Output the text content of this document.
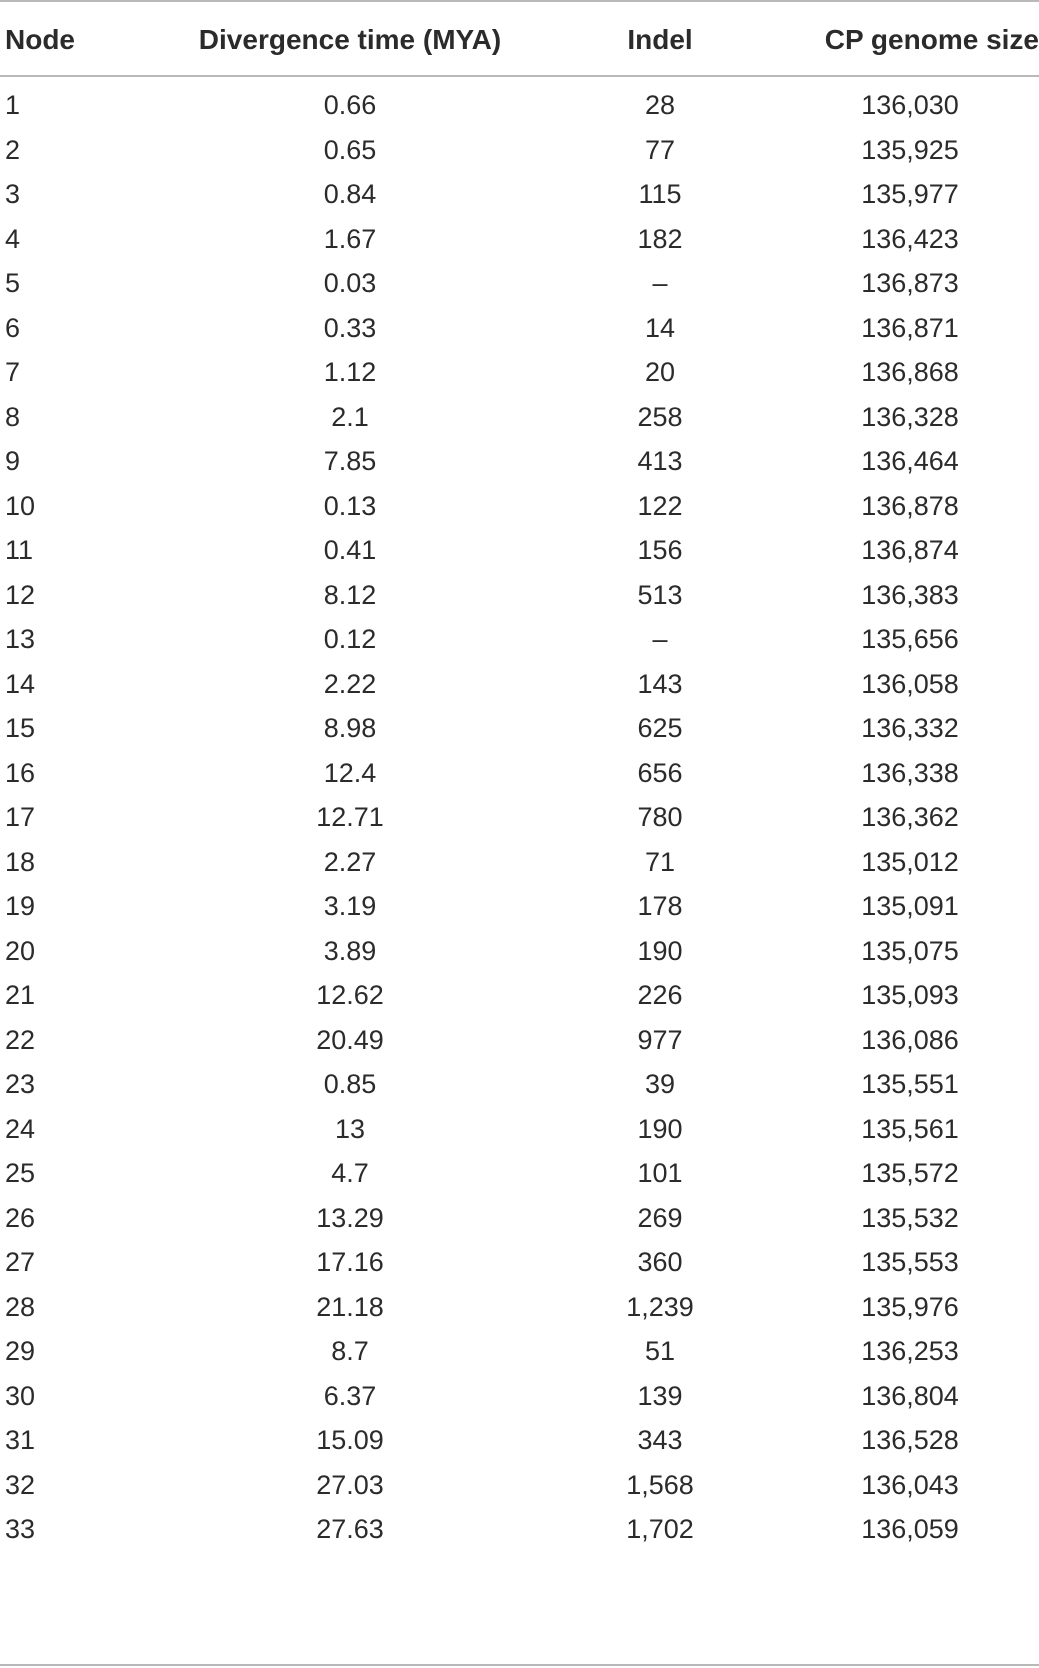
Node	Divergence time (MYA)	Indel	CP genome size
1	0.66	28	136,030
2	0.65	77	135,925
3	0.84	115	135,977
4	1.67	182	136,423
5	0.03	–	136,873
6	0.33	14	136,871
7	1.12	20	136,868
8	2.1	258	136,328
9	7.85	413	136,464
10	0.13	122	136,878
11	0.41	156	136,874
12	8.12	513	136,383
13	0.12	–	135,656
14	2.22	143	136,058
15	8.98	625	136,332
16	12.4	656	136,338
17	12.71	780	136,362
18	2.27	71	135,012
19	3.19	178	135,091
20	3.89	190	135,075
21	12.62	226	135,093
22	20.49	977	136,086
23	0.85	39	135,551
24	13	190	135,561
25	4.7	101	135,572
26	13.29	269	135,532
27	17.16	360	135,553
28	21.18	1,239	135,976
29	8.7	51	136,253
30	6.37	139	136,804
31	15.09	343	136,528
32	27.03	1,568	136,043
33	27.63	1,702	136,059
